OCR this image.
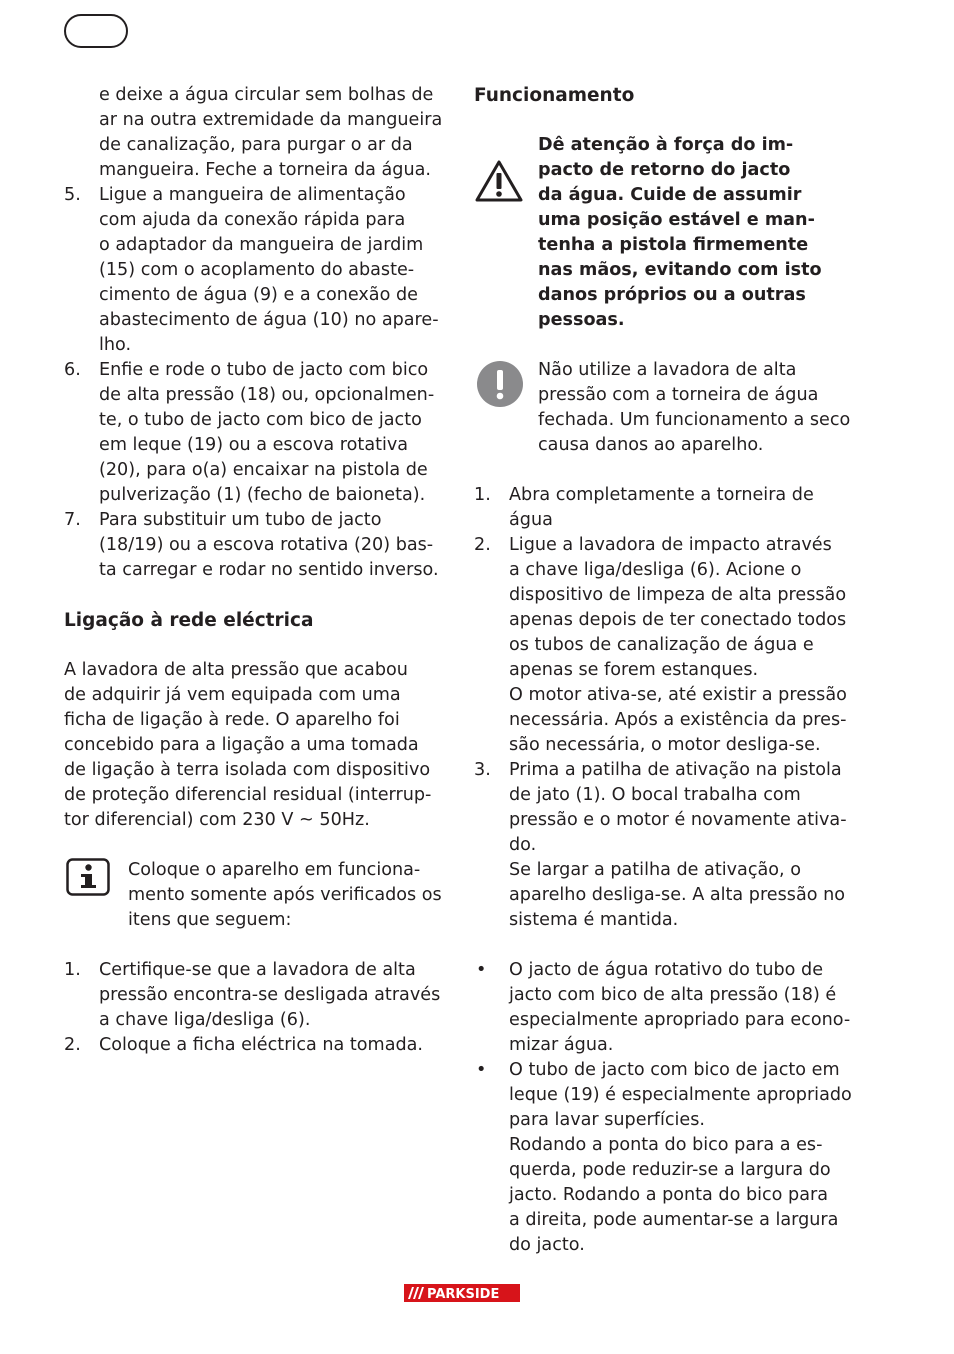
e deixe a água circular sem bolhas de
ar na outra extremidade da mangueira
de canalização, para purgar o ar da
mangueira. Feche a torneira da água.

5. Ligue a mangueira de alimentação
com ajuda da conexão rápida para
o adaptador da mangueira de jardim
(15) com o acoplamento do abaste-
cimento de água (9) e a conexão de
abastecimento de água (10) no apare-
lho.
6. Enfie e rode o tubo de jacto com bico
de alta pressão (18) ou, opcionalmen-
te, o tubo de jacto com bico de jacto
em leque (19) ou a escova rotativa
(20), para o(a) encaixar na pistola de
pulverização (1) (fecho de baioneta).
7. Para substituir um tubo de jacto
(18/19) ou a escova rotativa (20) bas-
ta carregar e rodar no sentido inverso.
Ligação à rede eléctrica

A lavadora de alta pressão que acabou
de adquirir já vem equipada com uma
ficha de ligação à rede. O aparelho foi
concebido para a ligação a uma tomada
de ligação à terra isolada com dispositivo
de proteção diferencial residual (interrup-
tor diferencial) com 230 V ~ 50Hz.

Coloque o aparelho em funciona-
mento somente após verificados os
itens que seguem:
1. Certifique-se que a lavadora de alta
pressão encontra-se desligada através
a chave liga/desliga (6).
2. Coloque a ficha eléctrica na tomada.
Funcionamento
Dê atenção à força do im-
pacto de retorno do jacto
da água. Cuide de assumir
uma posição estável e man-
tenha a pistola firmemente
nas mãos, evitando com isto
danos próprios ou a outras
pessoas.
Não utilize a lavadora de alta
pressão com a torneira de água
fechada. Um funcionamento a seco
causa danos ao aparelho.
1. Abra completamente a torneira de
água
2. Ligue a lavadora de impacto através
a chave liga/desliga (6). Acione o
dispositivo de limpeza de alta pressão
apenas depois de ter conectado todos
os tubos de canalização de água e
apenas se forem estanques.
O motor ativa-se, até existir a pressão
necessária. Após a existência da pres-
são necessária, o motor desliga-se.
3. Prima a patilha de ativação na pistola
de jato (1). O bocal trabalha com
pressão e o motor é novamente ativa-
do.
Se largar a patilha de ativação, o
aparelho desliga-se. A alta pressão no
sistema é mantida.
• O jacto de água rotativo do tubo de
jacto com bico de alta pressão (18) é
especialmente apropriado para econo-
mizar água.
• O tubo de jacto com bico de jacto em
leque (19) é especialmente apropriado
para lavar superfícies.
Rodando a ponta do bico para a es-
querda, pode reduzir-se a largura do
jacto. Rodando a ponta do bico para
a direita, pode aumentar-se a largura
do jacto.
PARKSIDE
